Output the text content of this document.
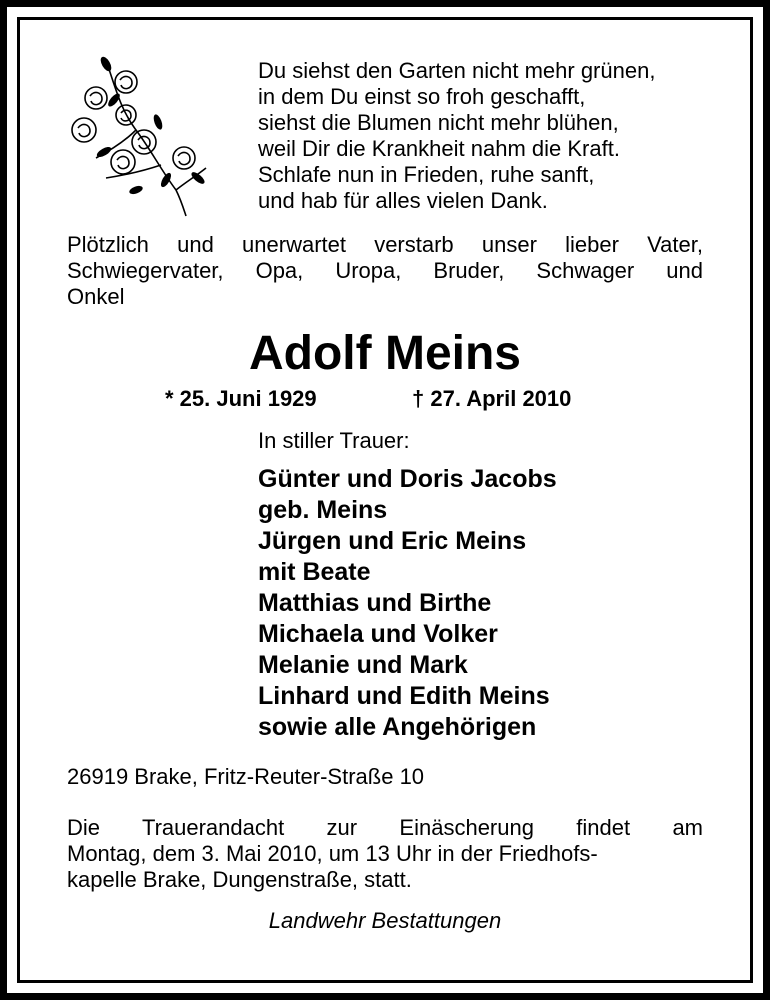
Du siehst den Garten nicht mehr grünen,
in dem Du einst so froh geschafft,
siehst die Blumen nicht mehr blühen,
weil Dir die Krankheit nahm die Kraft.
Schlafe nun in Frieden, ruhe sanft,
und hab für alles vielen Dank.
Plötzlich und unerwartet verstarb unser lieber Vater,
Schwiegervater, Opa, Uropa, Bruder, Schwager und
Onkel
Adolf Meins
* 25. Juni 1929	† 27. April 2010
In stiller Trauer:
Günter und Doris Jacobs
geb. Meins
Jürgen und Eric Meins
mit Beate
Matthias und Birthe
Michaela und Volker
Melanie und Mark
Linhard und Edith Meins
sowie alle Angehörigen
26919 Brake, Fritz-Reuter-Straße 10
Die Trauerandacht zur Einäscherung findet am
Montag, dem 3. Mai 2010, um 13 Uhr in der Friedhofs-
kapelle Brake, Dungenstraße, statt.
Landwehr Bestattungen
